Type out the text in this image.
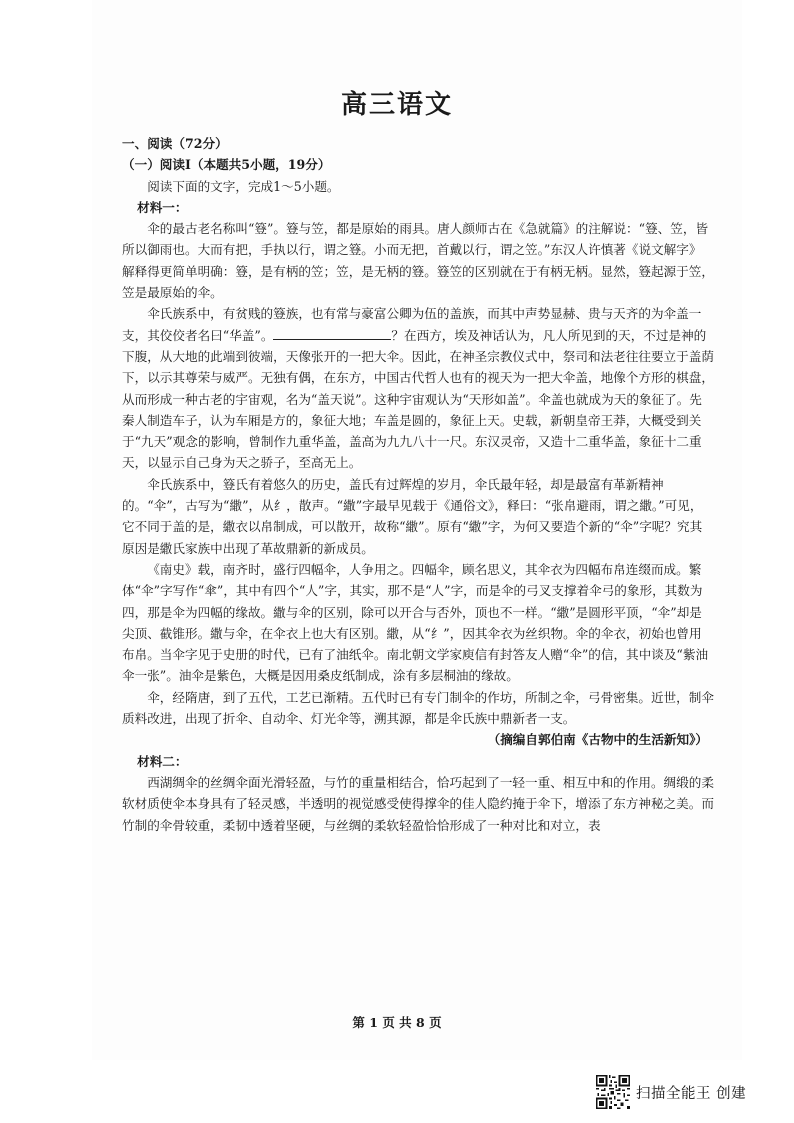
高三语文

一、阅读（72分）

（一）阅读Ⅰ（本题共5小题，19分）

阅读下面的文字，完成1～5小题。

材料一：

伞的最古老名称叫“簦”。簦与笠，都是原始的雨具。唐人颜师古在《急就篇》的注解说：“簦、笠，皆所以御雨也。大而有把，手执以行，谓之簦。小而无把，首戴以行，谓之笠。”东汉人许慎著《说文解字》解释得更简单明确：簦，是有柄的笠；笠，是无柄的簦。簦笠的区别就在于有柄无柄。显然，簦起源于笠，笠是最原始的伞。

伞氏族系中，有贫贱的簦族，也有常与豪富公卿为伍的盖族，而其中声势显赫、贵与天齐的为伞盖一支，其佼佼者名曰“华盖”。	？在西方，埃及神话认为，凡人所见到的天，不过是神的下腹，从大地的此端到彼端，天像张开的一把大伞。因此，在神圣宗教仪式中，祭司和法老往往要立于盖荫下，以示其尊荣与威严。无独有偶，在东方，中国古代哲人也有的视天为一把大伞盖，地像个方形的棋盘，从而形成一种古老的宇宙观，名为“盖天说”。这种宇宙观认为“天形如盖”。伞盖也就成为天的象征了。先秦人制造车子，认为车厢是方的，象征大地；车盖是圆的，象征上天。史载，新朝皇帝王莽，大概受到关于“九天”观念的影响，曾制作九重华盖，盖高为九九八十一尺。东汉灵帝，又造十二重华盖，象征十二重天，以显示自己身为天之骄子，至高无上。

伞氏族系中，簦氏有着悠久的历史，盖氏有过辉煌的岁月，伞氏最年轻，却是最富有革新精神的。“伞”，古写为“繖”，从纟，散声。“繖”字最早见载于《通俗文》，释曰：“张帛避雨，谓之繖。”可见，它不同于盖的是，繖衣以帛制成，可以散开，故称“繖”。原有“繖”字，为何又要造个新的“伞”字呢？究其原因是繖氏家族中出现了革故鼎新的新成员。

《南史》载，南齐时，盛行四幅伞，人争用之。四幅伞，顾名思义，其伞衣为四幅布帛连缀而成。繁体“伞”字写作“傘”，其中有四个“人”字，其实，那不是“人”字，而是伞的弓叉支撑着伞弓的象形，其数为四，那是伞为四幅的缘故。繖与伞的区别，除可以开合与否外，顶也不一样。“繖”是圆形平顶，“伞”却是尖顶、截锥形。繖与伞，在伞衣上也大有区别。繖，从“纟”，因其伞衣为丝织物。伞的伞衣，初始也曾用布帛。当伞字见于史册的时代，已有了油纸伞。南北朝文学家庾信有封答友人赠“伞”的信，其中谈及“紫油伞一张”。油伞是紫色，大概是因用桑皮纸制成，涂有多层桐油的缘故。

伞，经隋唐，到了五代，工艺已渐精。五代时已有专门制伞的作坊，所制之伞，弓骨密集。近世，制伞质料改进，出现了折伞、自动伞、灯光伞等，溯其源，都是伞氏族中鼎新者一支。

（摘编自郭伯南《古物中的生活新知》）

材料二：

西湖绸伞的丝绸伞面光滑轻盈，与竹的重量相结合，恰巧起到了一轻一重、相互中和的作用。绸缎的柔软材质使伞本身具有了轻灵感，半透明的视觉感受使得撑伞的佳人隐约掩于伞下，增添了东方神秘之美。而竹制的伞骨较重，柔韧中透着坚硬，与丝绸的柔软轻盈恰恰形成了一种对比和对立，表

第 1 页 共 8 页
扫描全能王 创建
